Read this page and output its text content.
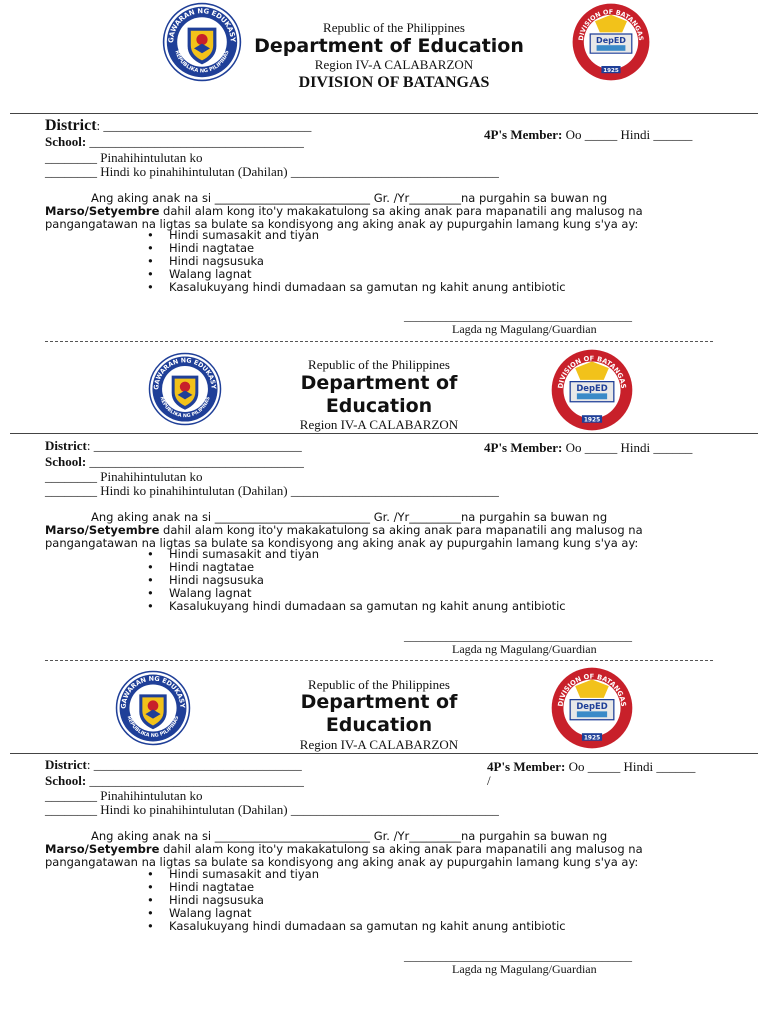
Republic of the Philippines
Department of Education
Region IV-A CALABARZON
DIVISION OF BATANGAS
District: ________________________________
School: _________________________________	4P's Member: Oo _____ Hindi ______
________ Pinahihintulutan ko
________ Hindi ko pinahihintulutan (Dahilan) ________________________________
Ang aking anak na si ___________________________ Gr. /Yr_________na purgahin sa buwan ng
Marso/Setyembre dahil alam kong ito'y makakatulong sa aking anak para mapanatili ang malusog na
pangangatawan na ligtas sa bulate sa kondisyong ang aking anak ay pupurgahin lamang kung s'ya ay:
• Hindi sumasakit and tiyan
• Hindi nagtatae
• Hindi nagsusuka
• Walang lagnat
• Kasalukuyang hindi dumadaan sa gamutan ng kahit anung antibiotic
______________________________________
Lagda ng Magulang/Guardian
Republic of the Philippines
Department of Education
Region IV-A CALABARZON
District: ________________________________
School: _________________________________
4P's Member: Oo _____ Hindi ______
________ Pinahihintulutan ko
________ Hindi ko pinahihintulutan (Dahilan) ________________________________
Ang aking anak na si ___________________________ Gr. /Yr_________na purgahin sa buwan ng
Marso/Setyembre dahil alam kong ito'y makakatulong sa aking anak para mapanatili ang malusog na
pangangatawan na ligtas sa bulate sa kondisyong ang aking anak ay pupurgahin lamang kung s'ya ay:
• Hindi sumasakit and tiyan
• Hindi nagtatae
• Hindi nagsusuka
• Walang lagnat
• Kasalukuyang hindi dumadaan sa gamutan ng kahit anung antibiotic
______________________________________
Lagda ng Magulang/Guardian
Republic of the Philippines
Department of Education
Region IV-A CALABARZON
District: ________________________________
School: _________________________________
4P's Member: Oo _____ Hindi ______
/
________ Pinahihintulutan ko
________ Hindi ko pinahihintulutan (Dahilan) ________________________________
Ang aking anak na si ___________________________ Gr. /Yr_________na purgahin sa buwan ng
Marso/Setyembre dahil alam kong ito'y makakatulong sa aking anak para mapanatili ang malusog na
pangangatawan na ligtas sa bulate sa kondisyong ang aking anak ay pupurgahin lamang kung s'ya ay:
• Hindi sumasakit and tiyan
• Hindi nagtatae
• Hindi nagsusuka
• Walang lagnat
• Kasalukuyang hindi dumadaan sa gamutan ng kahit anung antibiotic
______________________________________
Lagda ng Magulang/Guardian
